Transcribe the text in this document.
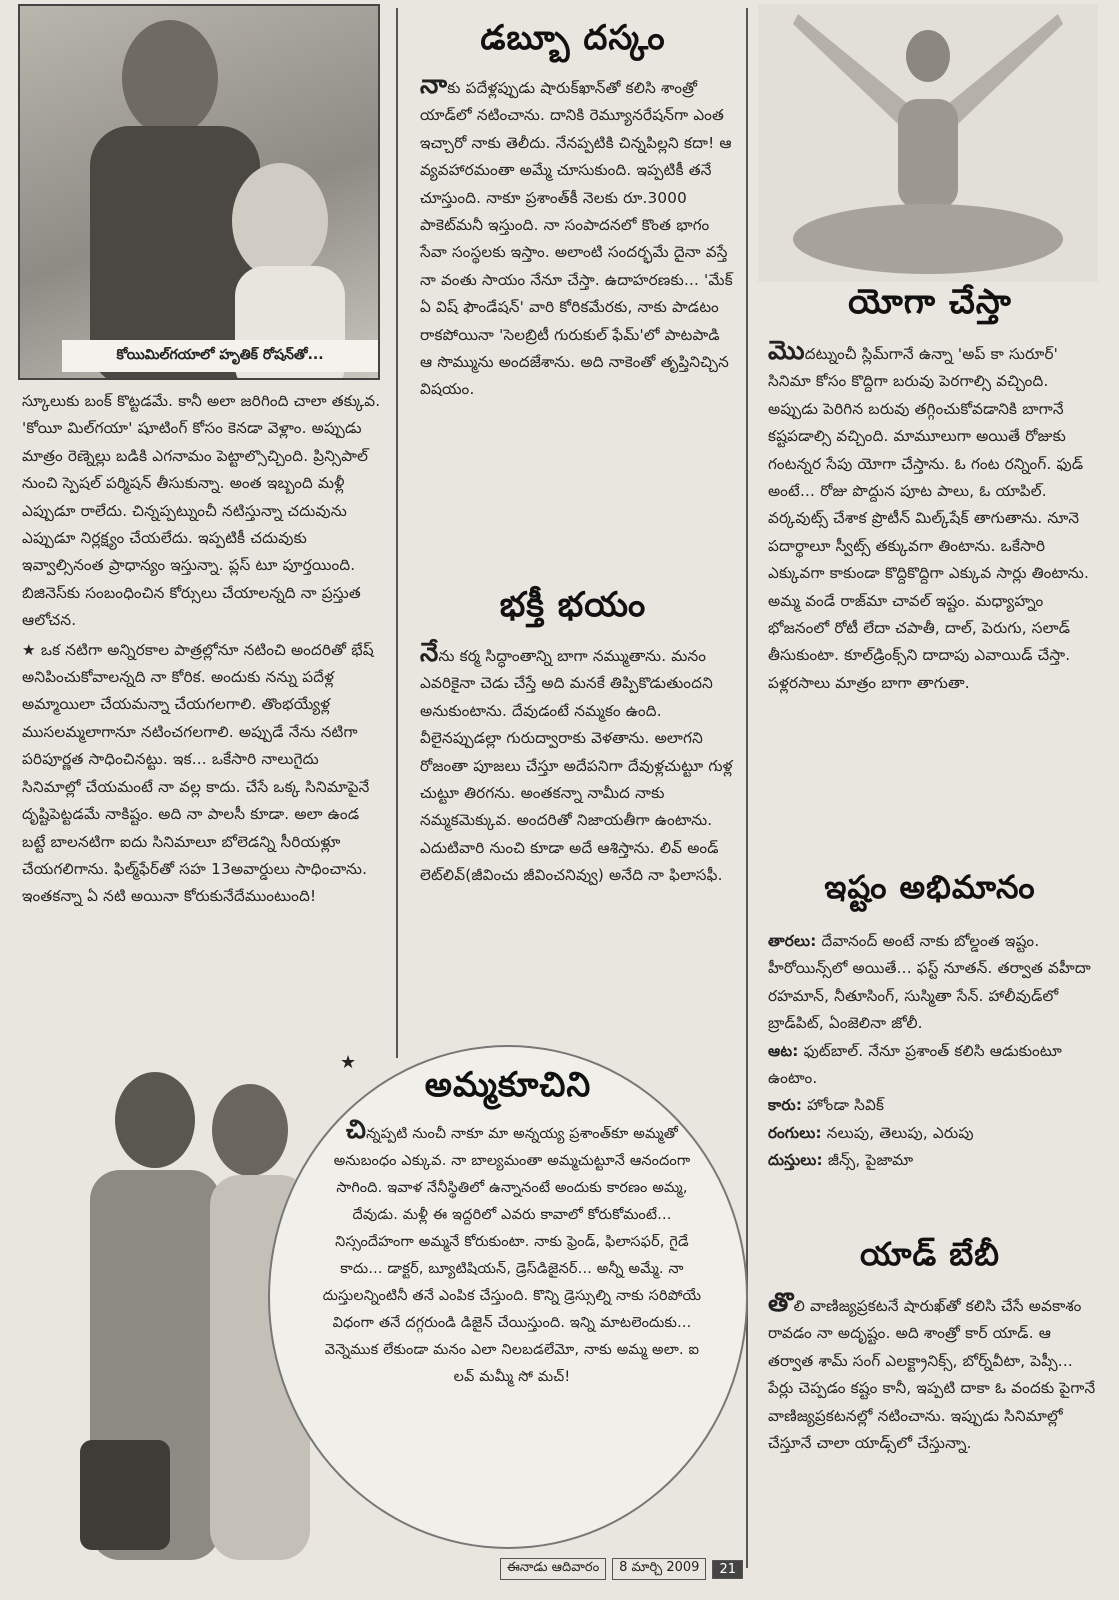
కోయిమిల్‌గయాలో హృతిక్ రోషన్‌తో...

స్కూలుకు బంక్ కొట్టడమే. కానీ అలా జరిగింది చాలా తక్కువ. 'కోయీ మిల్‌గయా' షూటింగ్ కోసం కెనడా వెళ్లాం. అప్పుడు మాత్రం రెణ్నెల్లు బడికి ఎగనామం పెట్టాల్సొచ్చింది. ప్రిన్సిపాల్ నుంచి స్పెషల్ పర్మిషన్ తీసుకున్నా. అంత ఇబ్బంది మళ్లీ ఎప్పుడూ రాలేదు. చిన్నప్పట్నుంచీ నటిస్తున్నా చదువును ఎప్పుడూ నిర్లక్ష్యం చేయలేదు. ఇప్పటికీ చదువుకు ఇవ్వాల్సినంత ప్రాధాన్యం ఇస్తున్నా. ప్లస్ టూ పూర్తయింది. బిజినెస్‌కు సంబంధించిన కోర్సులు చేయాలన్నది నా ప్రస్తుత ఆలోచన.

★ ఒక నటిగా అన్నిరకాల పాత్రల్లోనూ నటించి అందరితో భేష్ అనిపించుకోవాలన్నది నా కోరిక. అందుకు నన్ను పదేళ్ల అమ్మాయిలా చేయమన్నా చేయగలగాలి. తొంభయ్యేళ్ల ముసలమ్మలాగానూ నటించగలగాలి. అప్పుడే నేను నటిగా పరిపూర్ణత సాధించినట్టు. ఇక... ఒకేసారి నాలుగైదు సినిమాల్లో చేయమంటే నా వల్ల కాదు. చేసే ఒక్క సినిమాపైనే దృష్టిపెట్టడమే నాకిష్టం. అది నా పాలసీ కూడా. అలా ఉండ బట్టే బాలనటిగా ఐదు సినిమాలూ బోలెడన్ని సీరియళ్లూ చేయగలిగాను. ఫిల్మ్‌ఫేర్‌తో సహ 13అవార్డులు సాధించాను. ఇంతకన్నా ఏ నటి అయినా కోరుకునేదేముంటుంది!

★
డబ్బూ దస్కం

నాకు పదేళ్లప్పుడు షారుక్‌ఖాన్‌తో కలిసి శాంత్రో యాడ్‌లో నటించాను. దానికి రెమ్యూనరేషన్‌గా ఎంత ఇచ్చారో నాకు తెలీదు. నేనప్పటికి చిన్నపిల్లని కదా! ఆ వ్యవహారమంతా అమ్మే చూసుకుంది. ఇప్పటికీ తనే చూస్తుంది. నాకూ ప్రశాంత్‌కీ నెలకు రూ.3000 పాకెట్‌మనీ ఇస్తుంది. నా సంపాదనలో కొంత భాగం సేవా సంస్థలకు ఇస్తాం. అలాంటి సందర్భమే దైనా వస్తే నా వంతు సాయం నేనూ చేస్తా. ఉదాహరణకు... 'మేక్ ఏ విష్ ఫౌండేషన్' వారి కోరికమేరకు, నాకు పాడటం రాకపోయినా 'సెలబ్రిటీ గురుకుల్ ఫేమ్'లో పాటపాడి ఆ సొమ్మును అందజేశాను. అది నాకెంతో తృప్తినిచ్చిన విషయం.

భక్తీ భయం

నేను కర్మ సిద్ధాంతాన్ని బాగా నమ్ముతాను. మనం ఎవరికైనా చెడు చేస్తే అది మనకే తిప్పికొడుతుందని అనుకుంటాను. దేవుడంటే నమ్మకం ఉంది. వీలైనప్పుడల్లా గురుద్వారాకు వెళతాను. అలాగని రోజంతా పూజలు చేస్తూ అదేపనిగా దేవుళ్లచుట్టూ గుళ్ల చుట్టూ తిరగను. అంతకన్నా నామీద నాకు నమ్మకమెక్కువ. అందరితో నిజాయతీగా ఉంటాను. ఎదుటివారి నుంచి కూడా అదే ఆశిస్తాను. లివ్ అండ్ లెట్‌లివ్(జీవించు జీవించనివ్వు) అనేది నా ఫిలాసఫీ.

యోగా చేస్తా

మొదట్నుంచీ స్లిమ్‌గానే ఉన్నా 'అప్ కా సురూర్' సినిమా కోసం కొద్దిగా బరువు పెరగాల్సి వచ్చింది. అప్పుడు పెరిగిన బరువు తగ్గించుకోవడానికి బాగానే కష్టపడాల్సి వచ్చింది. మామూలుగా అయితే రోజుకు గంటన్నర సేపు యోగా చేస్తాను. ఓ గంట రన్నింగ్. ఫుడ్ అంటే... రోజు పొద్దున పూట పాలు, ఓ యాపిల్. వర్కవుట్స్ చేశాక ప్రొటీన్ మిల్క్‌షేక్ తాగుతాను. నూనె పదార్థాలూ స్వీట్స్ తక్కువగా తింటాను. ఒకేసారి ఎక్కువగా కాకుండా కొద్దికొద్దిగా ఎక్కువ సార్లు తింటాను. అమ్మ వండే రాజ్‌మా చావల్ ఇష్టం. మధ్యాహ్నం భోజనంలో రోటీ లేదా చపాతీ, దాల్, పెరుగు, సలాడ్ తీసుకుంటా. కూల్‌డ్రింక్స్‌ని దాదాపు ఎవాయిడ్ చేస్తా. పళ్లరసాలు మాత్రం బాగా తాగుతా.

ఇష్టం అభిమానం

తారలు: దేవానంద్ అంటే నాకు బోల్డంత ఇష్టం. హీరోయిన్స్‌లో అయితే... ఫస్ట్ నూతన్. తర్వాత వహీదా రహమాన్, నీతూసింగ్, సుస్మితా సేన్. హాలీవుడ్‌లో బ్రాడ్‌పిట్, ఏంజెలినా జోలీ.

ఆట: ఫుట్‌బాల్. నేనూ ప్రశాంత్ కలిసి ఆడుకుంటూ ఉంటాం.

కారు: హోండా సివిక్

రంగులు: నలుపు, తెలుపు, ఎరుపు

దుస్తులు: జీన్స్, పైజామా

యాడ్ బేబీ

తొలి వాణిజ్యప్రకటనే షారుఖ్‌తో కలిసి చేసే అవకాశం రావడం నా అదృష్టం. అది శాంత్రో కార్ యాడ్. ఆ తర్వాత శామ్ సంగ్ ఎలక్ట్రానిక్స్, బోర్న్‌వీటా, పెప్సీ... పేర్లు చెప్పడం కష్టం కానీ, ఇప్పటి దాకా ఓ వందకు పైగానే వాణిజ్యప్రకటనల్లో నటించాను. ఇప్పుడు సినిమాల్లో చేస్తూనే చాలా యాడ్స్‌లో చేస్తున్నా.

అమ్మకూచిని

చిన్నప్పటి నుంచీ నాకూ మా అన్నయ్య ప్రశాంత్‌కూ అమ్మతో అనుబంధం ఎక్కువ. నా బాల్యమంతా అమ్మచుట్టూనే ఆనందంగా సాగింది. ఇవాళ నేనీస్థితిలో ఉన్నానంటే అందుకు కారణం అమ్మ, దేవుడు. మళ్లీ ఈ ఇద్దరిలో ఎవరు కావాలో కోరుకోమంటే... నిస్సందేహంగా అమ్మనే కోరుకుంటా. నాకు ఫ్రెండ్, ఫిలాసఫర్, గైడే కాదు... డాక్టర్, బ్యూటిషియన్, డ్రెస్‌డిజైనర్... అన్నీ అమ్మే. నా దుస్తులన్నింటినీ తనే ఎంపిక చేస్తుంది. కొన్ని డ్రెస్సుల్ని నాకు సరిపోయే విధంగా తనే దగ్గరుండి డిజైన్ చేయిస్తుంది. ఇన్ని మాటలెందుకు... వెన్నెముక లేకుండా మనం ఎలా నిలబడలేమో, నాకు అమ్మ అలా. ఐ లవ్ మమ్మీ సో మచ్!

ఈనాడు ఆదివారం	8 మార్చి 2009	21
